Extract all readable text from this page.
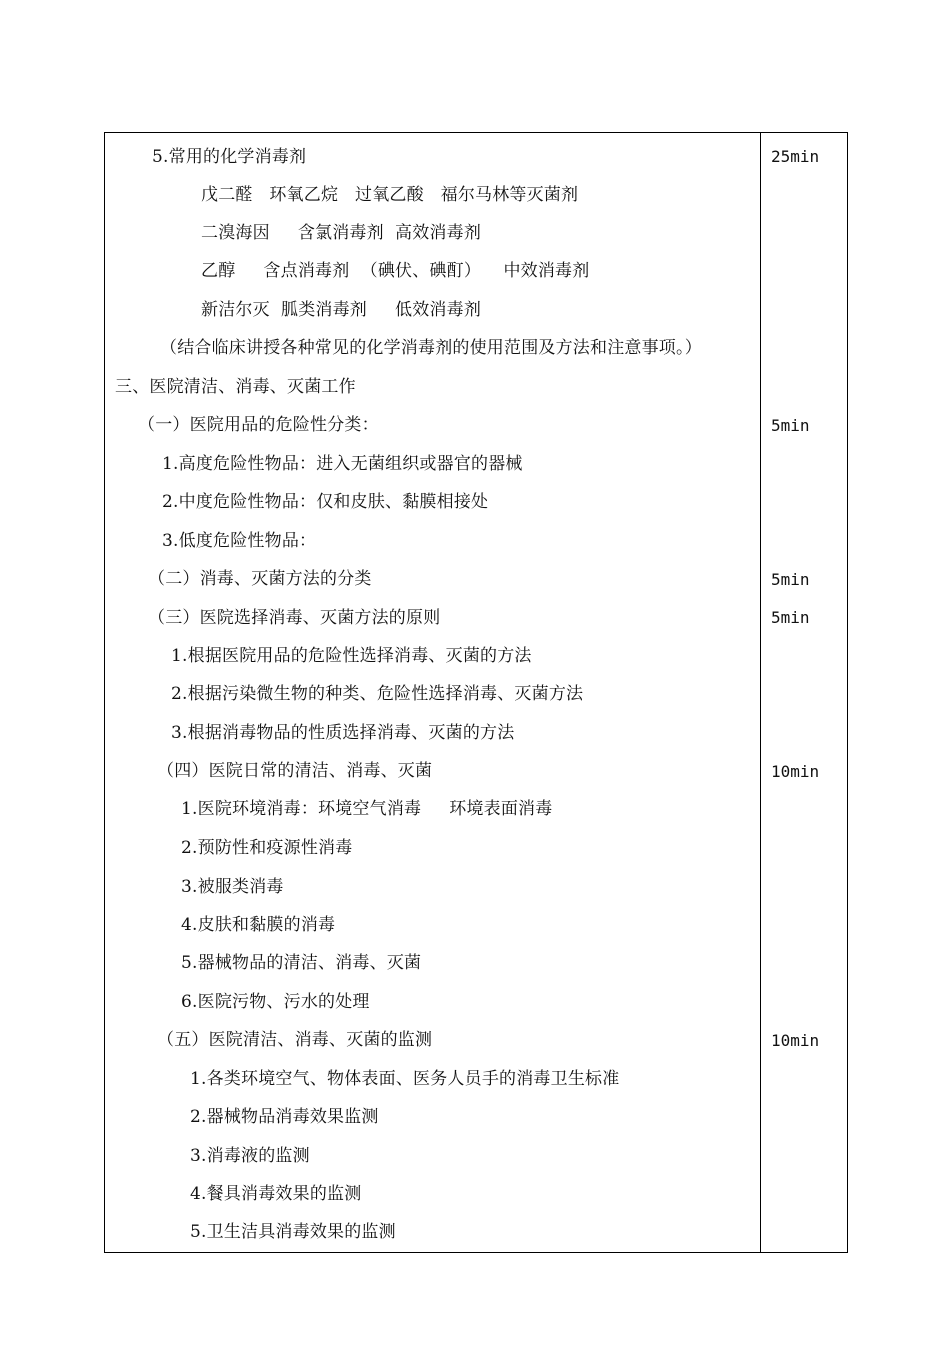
5.常用的化学消毒剂
戊二醛   环氧乙烷   过氧乙酸   福尔马林等灭菌剂
二溴海因     含氯消毒剂  高效消毒剂
乙醇     含点消毒剂  （碘伏、碘酊）    中效消毒剂
新洁尔灭  胍类消毒剂     低效消毒剂
（结合临床讲授各种常见的化学消毒剂的使用范围及方法和注意事项。）
三、医院清洁、消毒、灭菌工作
（一）医院用品的危险性分类：
1.高度危险性物品：进入无菌组织或器官的器械
2.中度危险性物品：仅和皮肤、黏膜相接处
3.低度危险性物品：
（二）消毒、灭菌方法的分类
（三）医院选择消毒、灭菌方法的原则
1.根据医院用品的危险性选择消毒、灭菌的方法
2.根据污染微生物的种类、危险性选择消毒、灭菌方法
3.根据消毒物品的性质选择消毒、灭菌的方法
（四）医院日常的清洁、消毒、灭菌
1.医院环境消毒：环境空气消毒     环境表面消毒
2.预防性和疫源性消毒
3.被服类消毒
4.皮肤和黏膜的消毒
5.器械物品的清洁、消毒、灭菌
6.医院污物、污水的处理
（五）医院清洁、消毒、灭菌的监测
1.各类环境空气、物体表面、医务人员手的消毒卫生标准
2.器械物品消毒效果监测
3.消毒液的监测
4.餐具消毒效果的监测
5.卫生洁具消毒效果的监测
25min
5min
5min
5min
10min
10min
